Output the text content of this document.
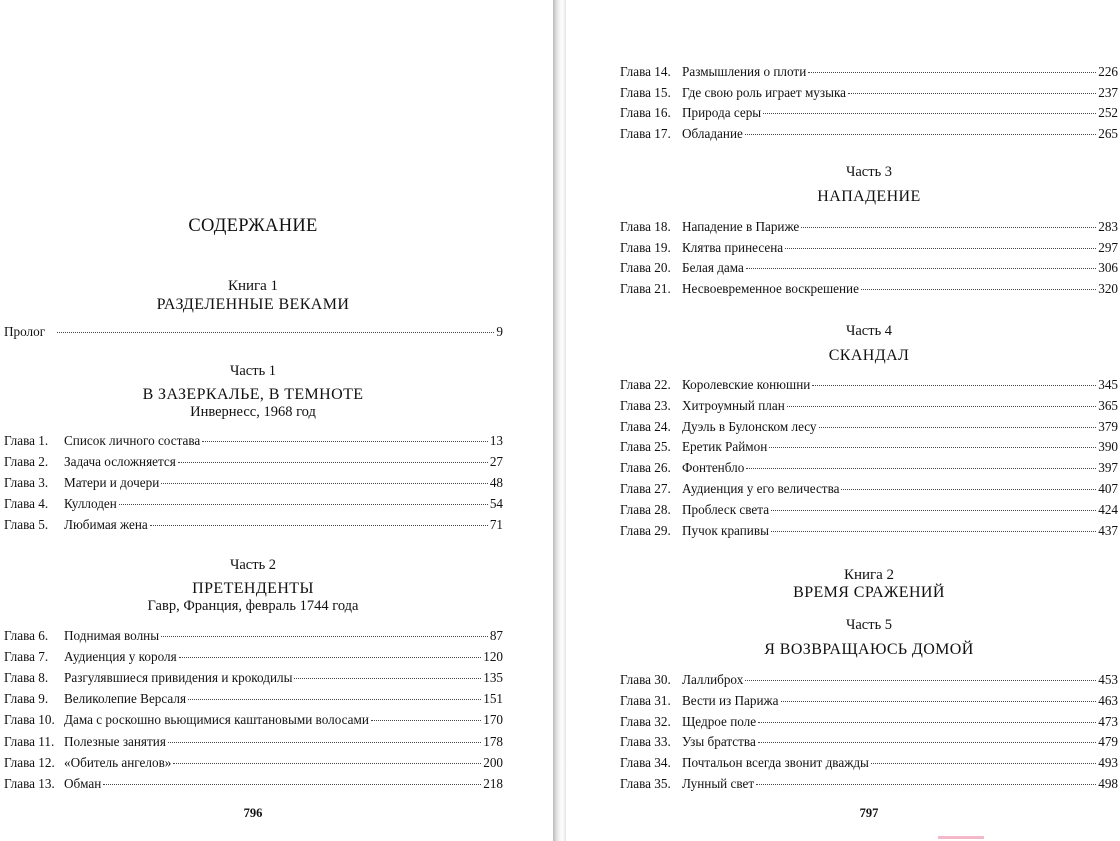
СОДЕРЖАНИЕ
Книга 1
РАЗДЕЛЕННЫЕ ВЕКАМИ
Пролог	9
Часть 1
В ЗАЗЕРКАЛЬЕ, В ТЕМНОТЕ
Инвернесс, 1968 год
Глава 1.	Список личного состава	13
Глава 2.	Задача осложняется	27
Глава 3.	Матери и дочери	48
Глава 4.	Куллоден	54
Глава 5.	Любимая жена	71
Часть 2
ПРЕТЕНДЕНТЫ
Гавр, Франция, февраль 1744 года
Глава 6.	Поднимая волны	87
Глава 7.	Аудиенция у короля	120
Глава 8.	Разгулявшиеся привидения и крокодилы	135
Глава 9.	Великолепие Версаля	151
Глава 10. Дама с роскошно вьющимися каштановыми волосами	170
Глава 11. Полезные занятия	178
Глава 12. «Обитель ангелов»	200
Глава 13. Обман	218
796
Глава 14. Размышления о плоти	226
Глава 15. Где свою роль играет музыка	237
Глава 16. Природа серы	252
Глава 17. Обладание	265
Часть 3
НАПАДЕНИЕ
Глава 18. Нападение в Париже	283
Глава 19. Клятва принесена	297
Глава 20. Белая дама	306
Глава 21. Несвоевременное воскрешение	320
Часть 4
СКАНДАЛ
Глава 22. Королевские конюшни	345
Глава 23. Хитроумный план	365
Глава 24. Дуэль в Булонском лесу	379
Глава 25. Еретик Раймон	390
Глава 26. Фонтенбло	397
Глава 27. Аудиенция у его величества	407
Глава 28. Проблеск света	424
Глава 29. Пучок крапивы	437
Книга 2
ВРЕМЯ СРАЖЕНИЙ
Часть 5
Я ВОЗВРАЩАЮСЬ ДОМОЙ
Глава 30. Лаллиброх	453
Глава 31. Вести из Парижа	463
Глава 32. Щедрое поле	473
Глава 33. Узы братства	479
Глава 34. Почтальон всегда звонит дважды	493
Глава 35. Лунный свет	498
797
